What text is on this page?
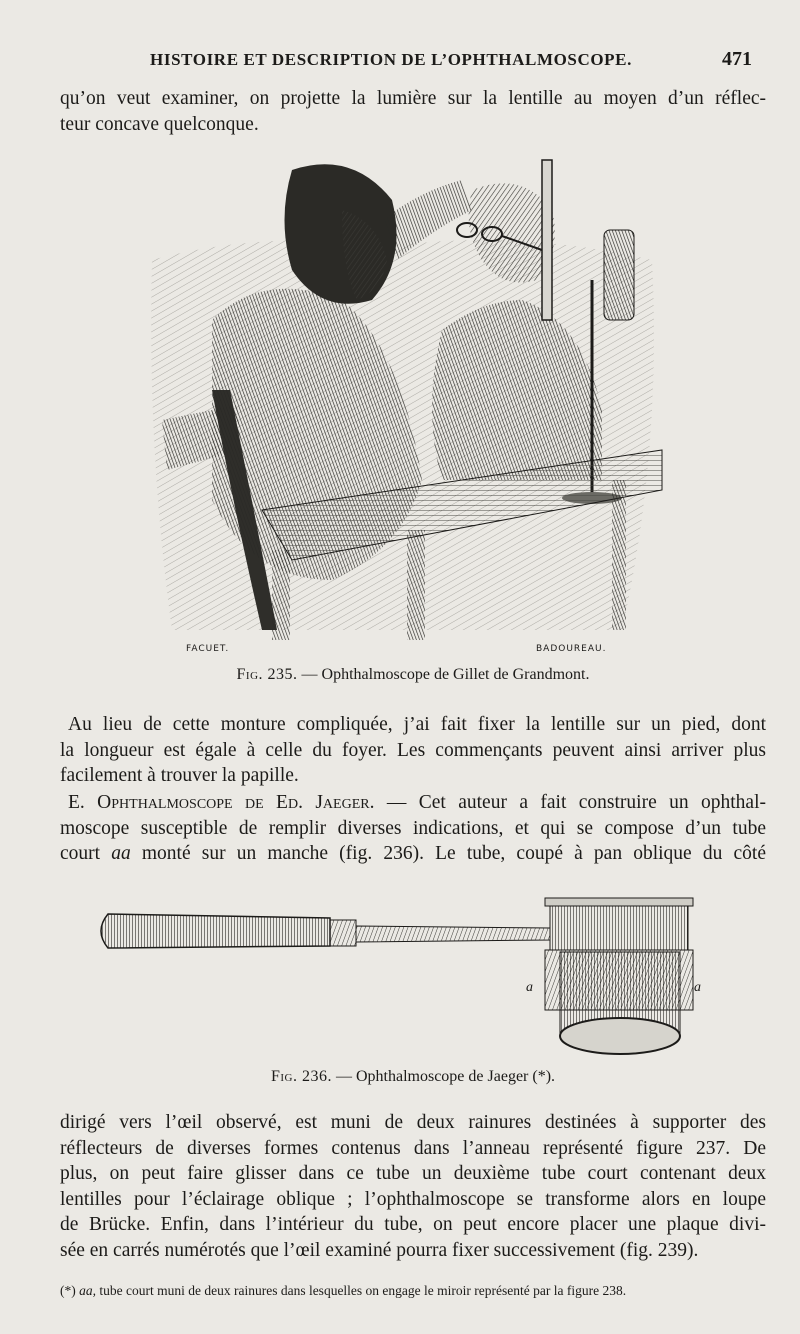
HISTOIRE ET DESCRIPTION DE L’OPHTHALMOSCOPE.	471
qu’on veut examiner, on projette la lumière sur la lentille au moyen d’un réflec-
teur concave quelconque.
FACUET.	BADOUREAU.
Fig. 235. — Ophthalmoscope de Gillet de Grandmont.
Au lieu de cette monture compliquée, j’ai fait fixer la lentille sur un pied, dont
la longueur est égale à celle du foyer. Les commençants peuvent ainsi arriver plus
facilement à trouver la papille.
E. Ophthalmoscope de Ed. Jaeger. — Cet auteur a fait construire un ophthal-
moscope susceptible de remplir diverses indications, et qui se compose d’un tube
court aa monté sur un manche (fig. 236). Le tube, coupé à pan oblique du côté
a	a
Fig. 236. — Ophthalmoscope de Jaeger (*).
dirigé vers l’œil observé, est muni de deux rainures destinées à supporter des
réflecteurs de diverses formes contenus dans l’anneau représenté figure 237. De
plus, on peut faire glisser dans ce tube un deuxième tube court contenant deux
lentilles pour l’éclairage oblique ; l’ophthalmoscope se transforme alors en loupe
de Brücke. Enfin, dans l’intérieur du tube, on peut encore placer une plaque divi-
sée en carrés numérotés que l’œil examiné pourra fixer successivement (fig. 239).
(*) aa, tube court muni de deux rainures dans lesquelles on engage le miroir représenté par la figure 238.
